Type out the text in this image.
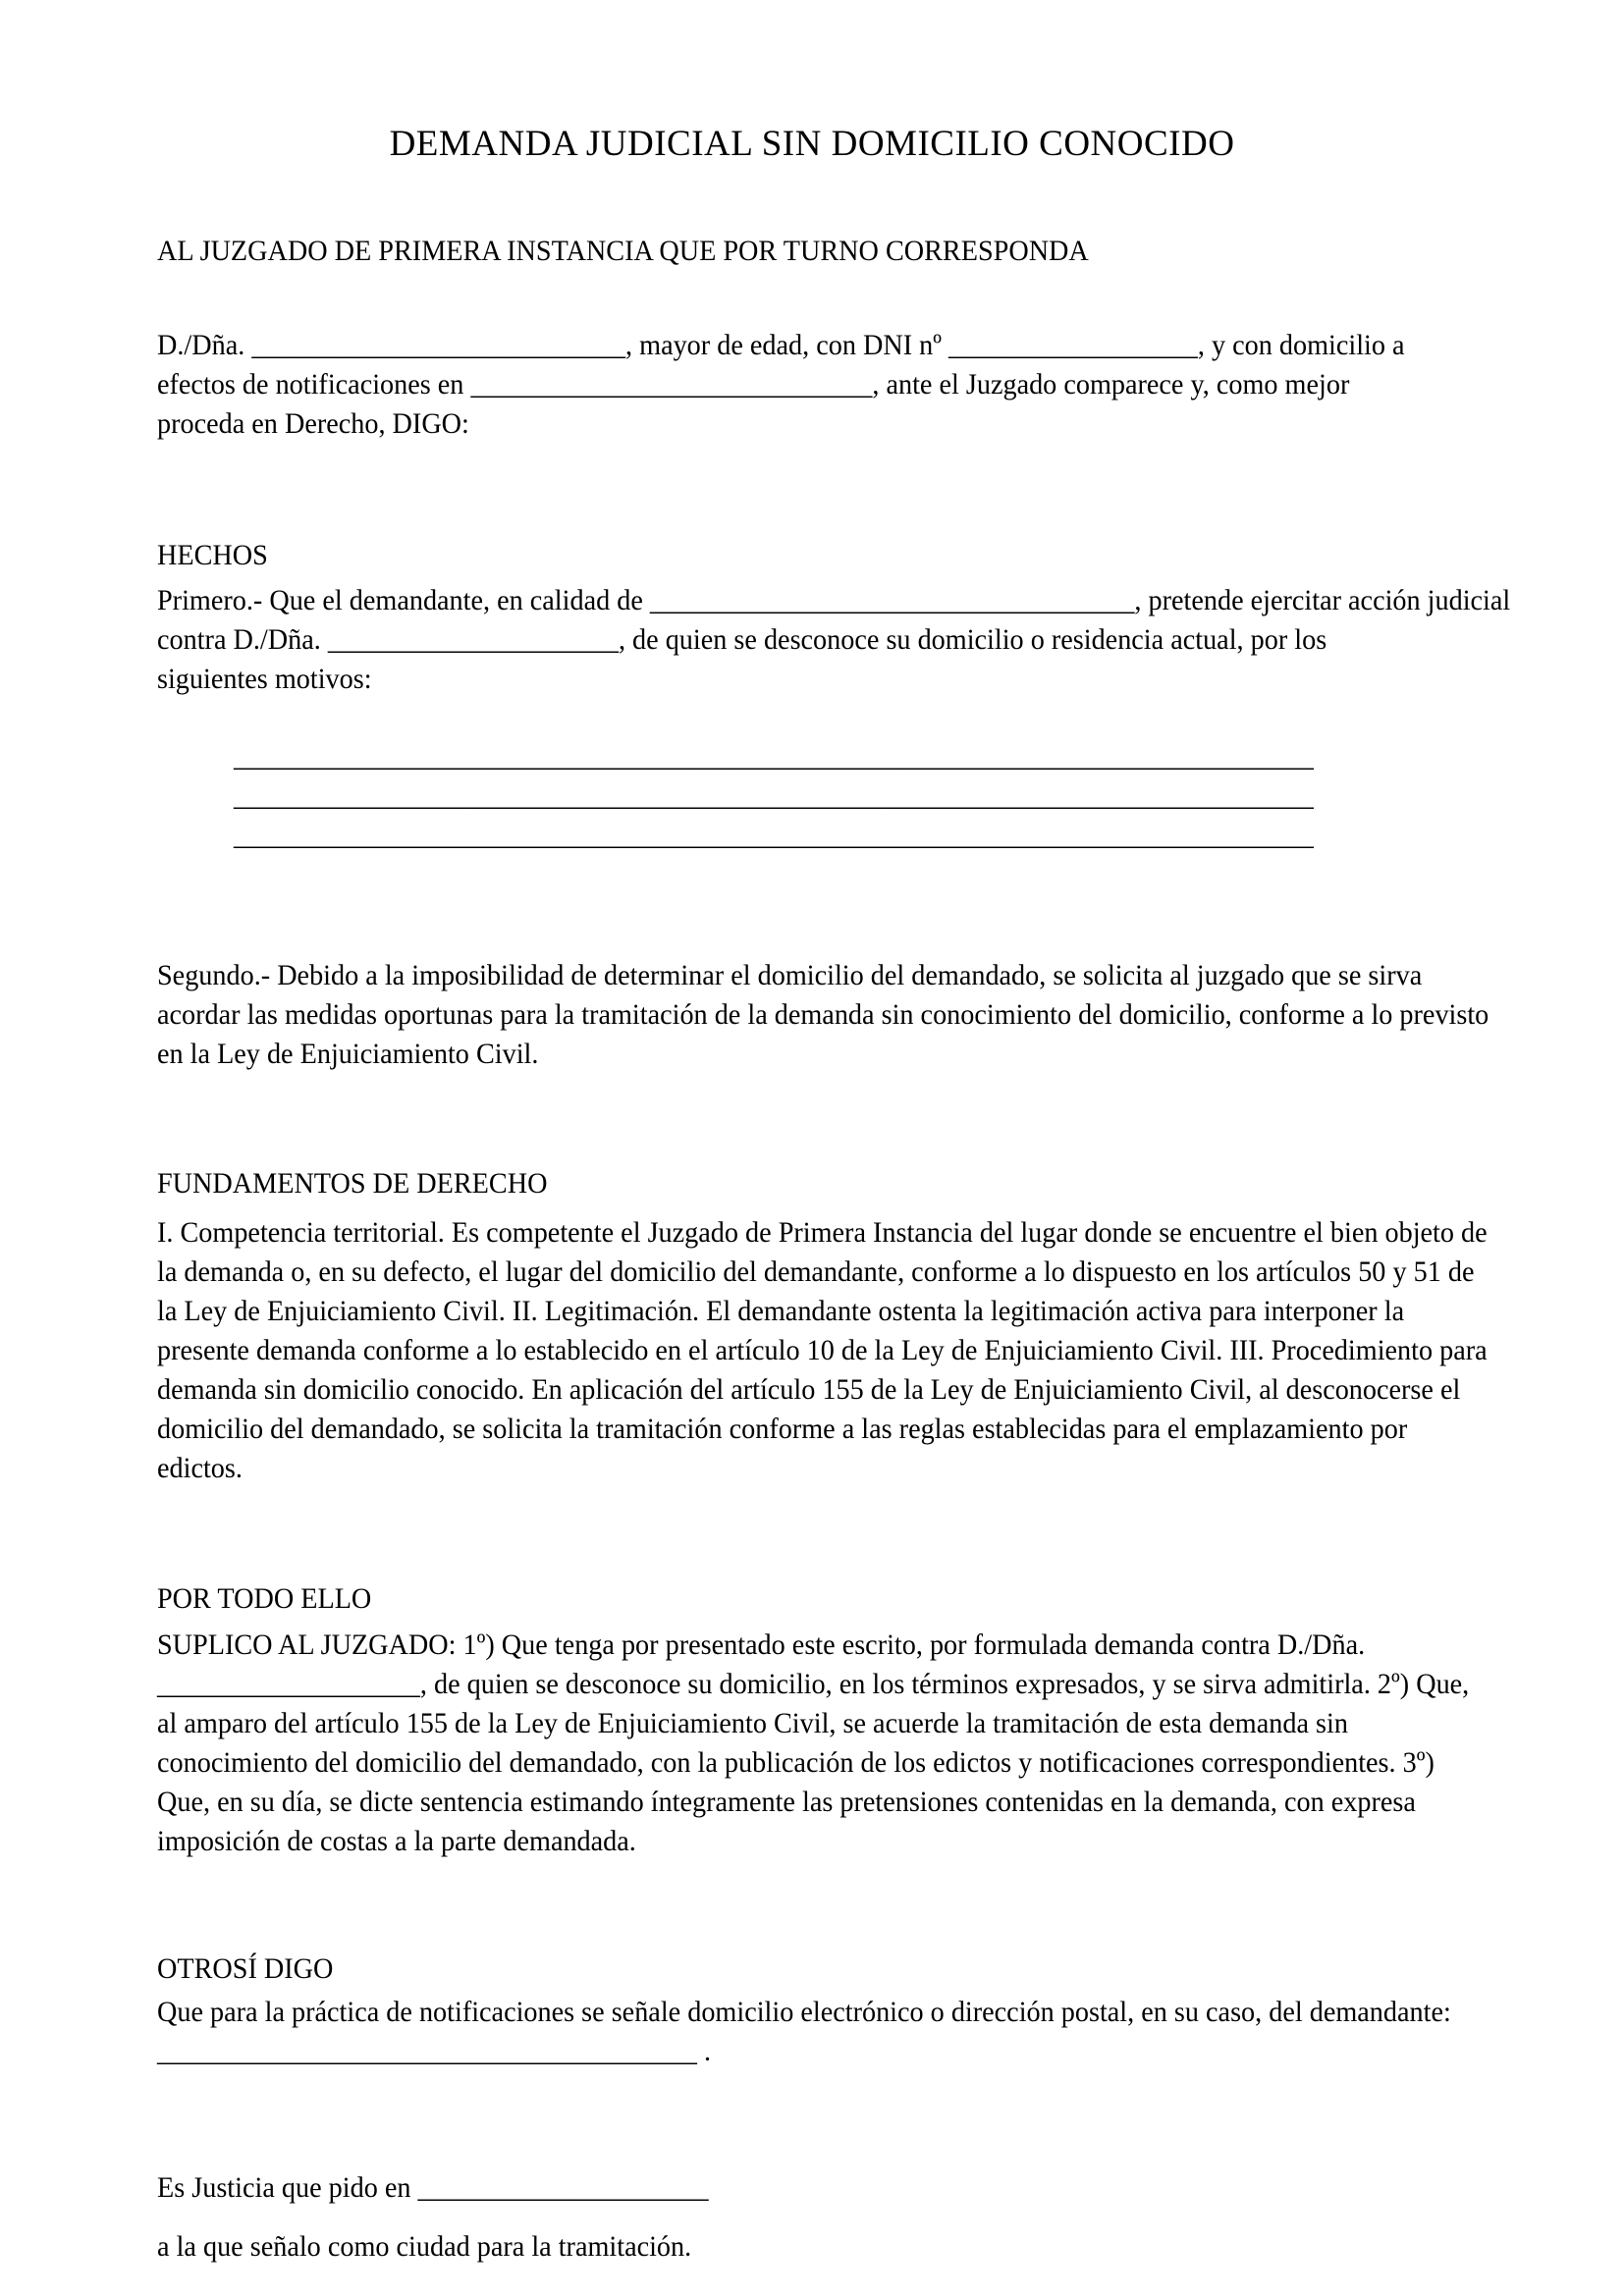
DEMANDA JUDICIAL SIN DOMICILIO CONOCIDO
AL JUZGADO DE PRIMERA INSTANCIA QUE POR TURNO CORRESPONDA
D./Dña. ___________________________, mayor de edad, con DNI nº __________________, y con domicilio a
efectos de notificaciones en _____________________________, ante el Juzgado comparece y, como mejor
proceda en Derecho, DIGO:
HECHOS
Primero.- Que el demandante, en calidad de ___________________________________, pretende ejercitar acción judicial
contra D./Dña. _____________________, de quien se desconoce su domicilio o residencia actual, por los
siguientes motivos:
______________________________________________________________________________
______________________________________________________________________________
______________________________________________________________________________
Segundo.- Debido a la imposibilidad de determinar el domicilio del demandado, se solicita al juzgado que se sirva
acordar las medidas oportunas para la tramitación de la demanda sin conocimiento del domicilio, conforme a lo previsto
en la Ley de Enjuiciamiento Civil.
FUNDAMENTOS DE DERECHO
I. Competencia territorial. Es competente el Juzgado de Primera Instancia del lugar donde se encuentre el bien objeto de
la demanda o, en su defecto, el lugar del domicilio del demandante, conforme a lo dispuesto en los artículos 50 y 51 de
la Ley de Enjuiciamiento Civil. II. Legitimación. El demandante ostenta la legitimación activa para interponer la
presente demanda conforme a lo establecido en el artículo 10 de la Ley de Enjuiciamiento Civil. III. Procedimiento para
demanda sin domicilio conocido. En aplicación del artículo 155 de la Ley de Enjuiciamiento Civil, al desconocerse el
domicilio del demandado, se solicita la tramitación conforme a las reglas establecidas para el emplazamiento por
edictos.
POR TODO ELLO
SUPLICO AL JUZGADO: 1º) Que tenga por presentado este escrito, por formulada demanda contra D./Dña.
___________________, de quien se desconoce su domicilio, en los términos expresados, y se sirva admitirla. 2º) Que,
al amparo del artículo 155 de la Ley de Enjuiciamiento Civil, se acuerde la tramitación de esta demanda sin
conocimiento del domicilio del demandado, con la publicación de los edictos y notificaciones correspondientes. 3º)
Que, en su día, se dicte sentencia estimando íntegramente las pretensiones contenidas en la demanda, con expresa
imposición de costas a la parte demandada.
OTROSÍ DIGO
Que para la práctica de notificaciones se señale domicilio electrónico o dirección postal, en su caso, del demandante:
_______________________________________ .
Es Justicia que pido en _____________________
a la que señalo como ciudad para la tramitación.
